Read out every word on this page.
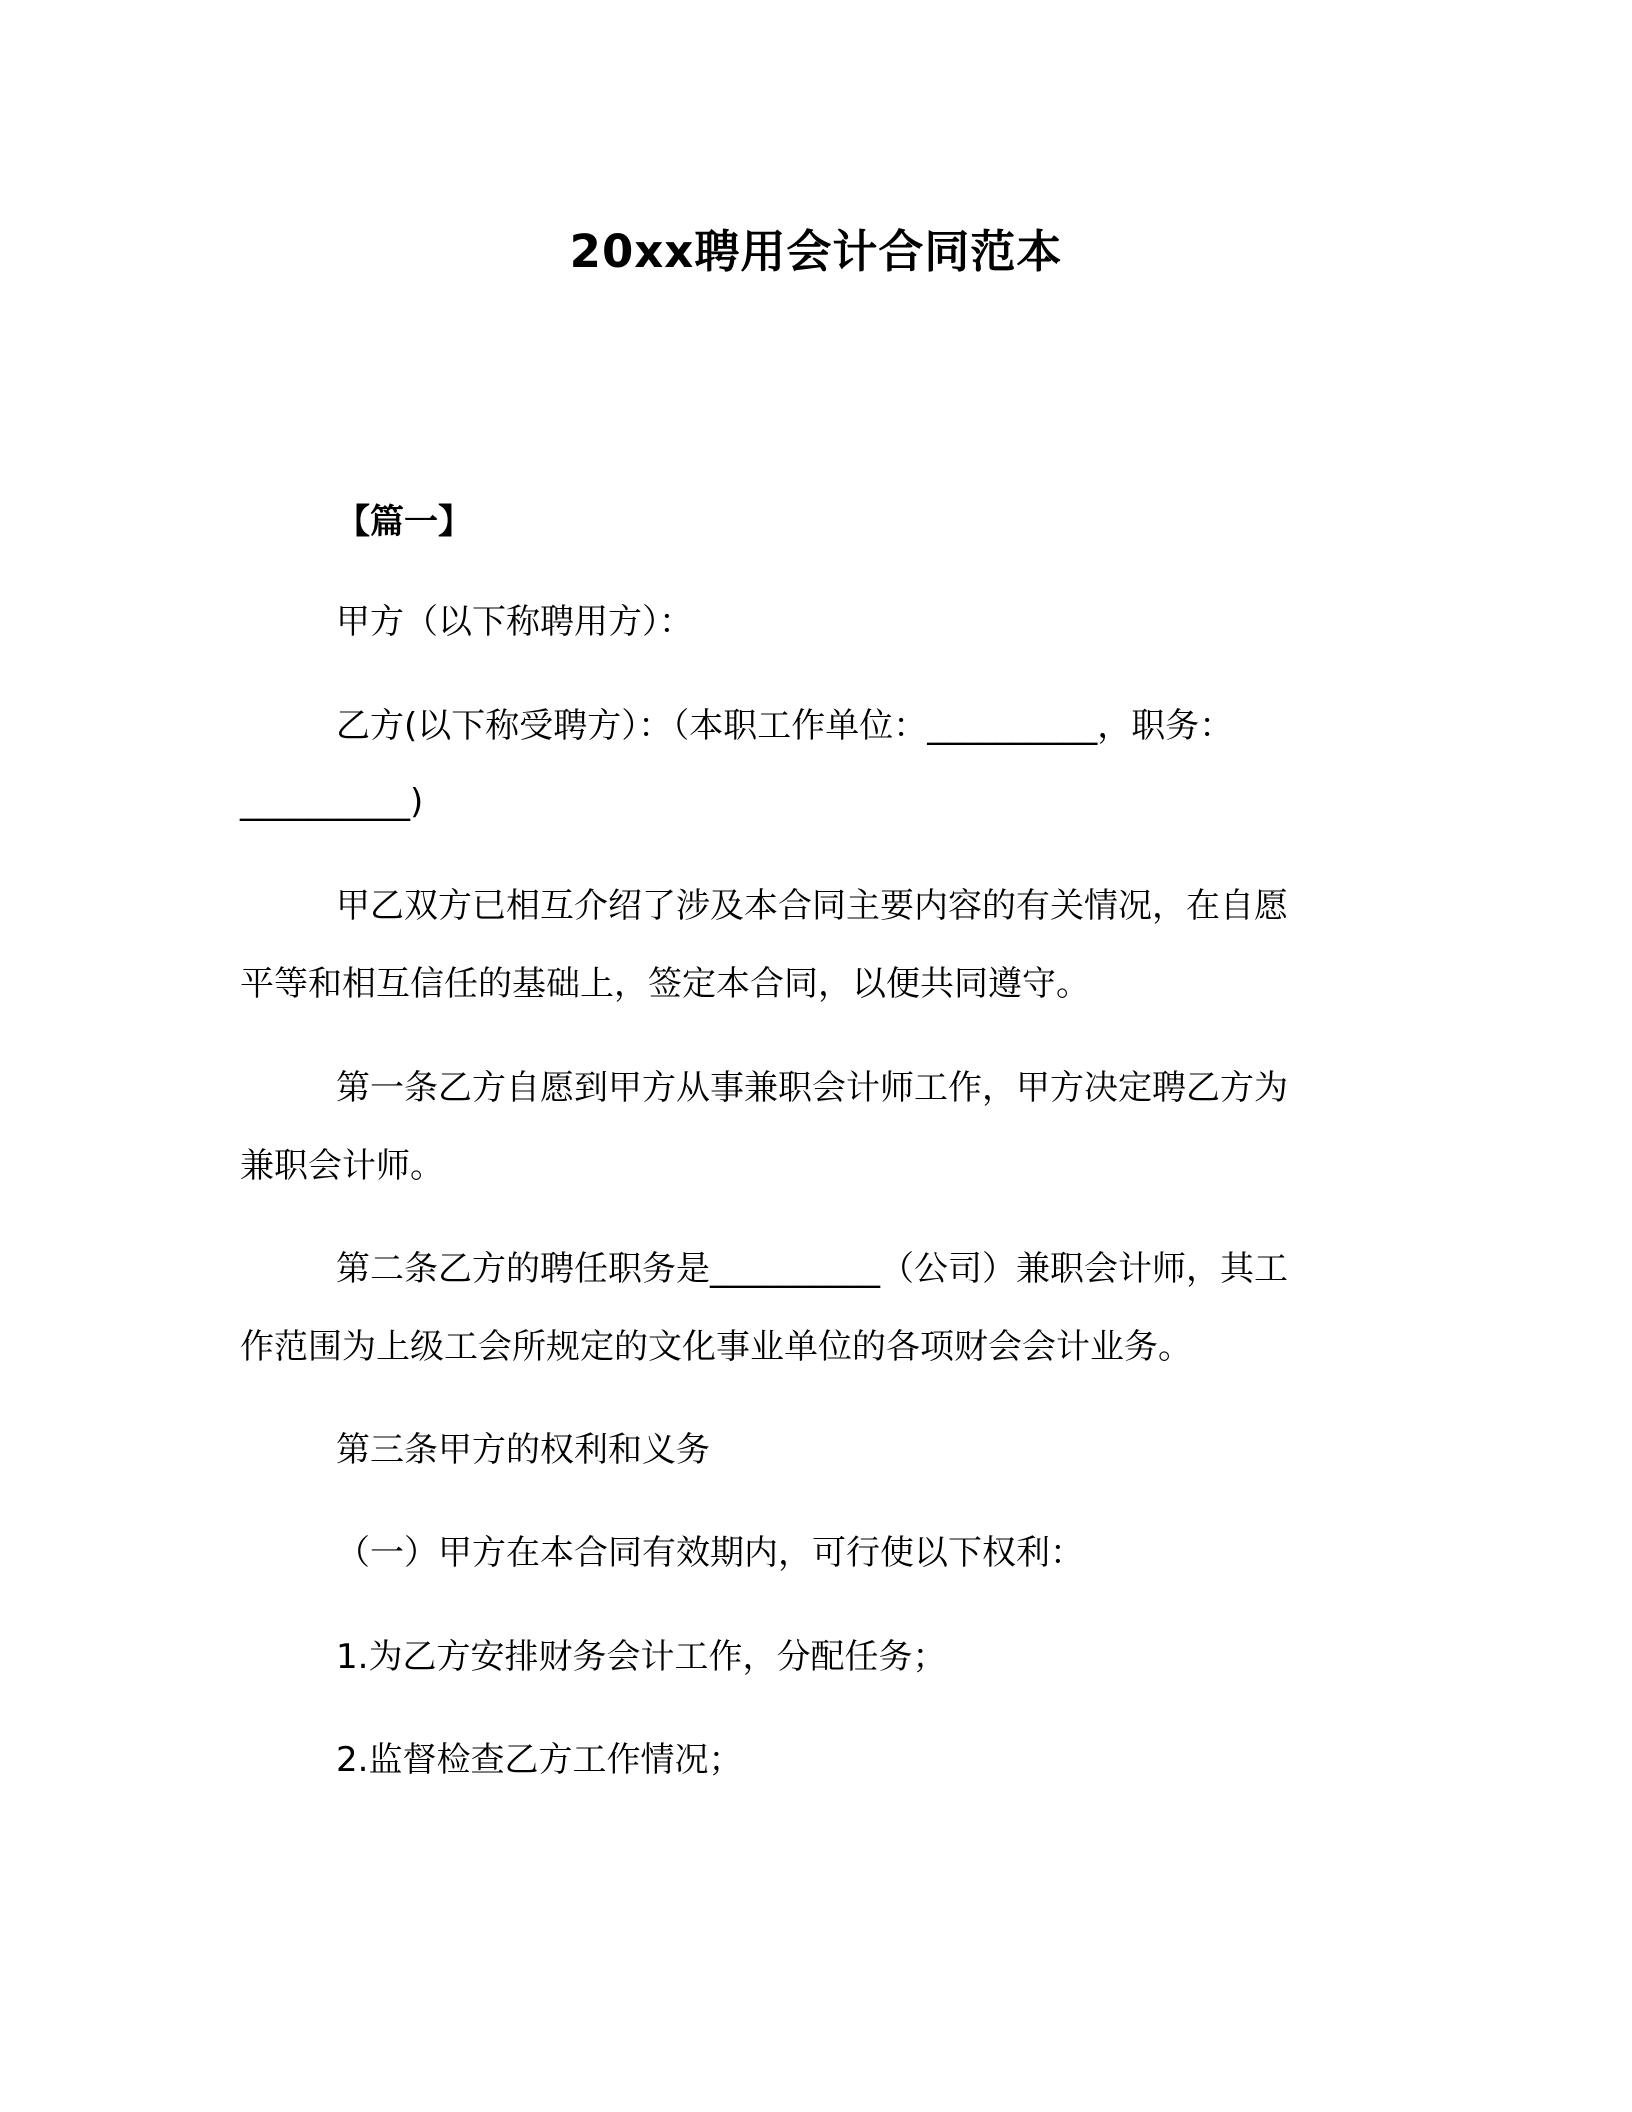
20xx聘用会计合同范本
【篇一】
甲方（以下称聘用方）：
乙方(以下称受聘方）：（本职工作单位：__________，职务：
__________)
甲乙双方已相互介绍了涉及本合同主要内容的有关情况，在自愿
平等和相互信任的基础上，签定本合同，以便共同遵守。
第一条乙方自愿到甲方从事兼职会计师工作，甲方决定聘乙方为
兼职会计师。
第二条乙方的聘任职务是__________（公司）兼职会计师，其工
作范围为上级工会所规定的文化事业单位的各项财会会计业务。
第三条甲方的权利和义务
（一）甲方在本合同有效期内，可行使以下权利：
1.为乙方安排财务会计工作，分配任务；
2.监督检查乙方工作情况；
